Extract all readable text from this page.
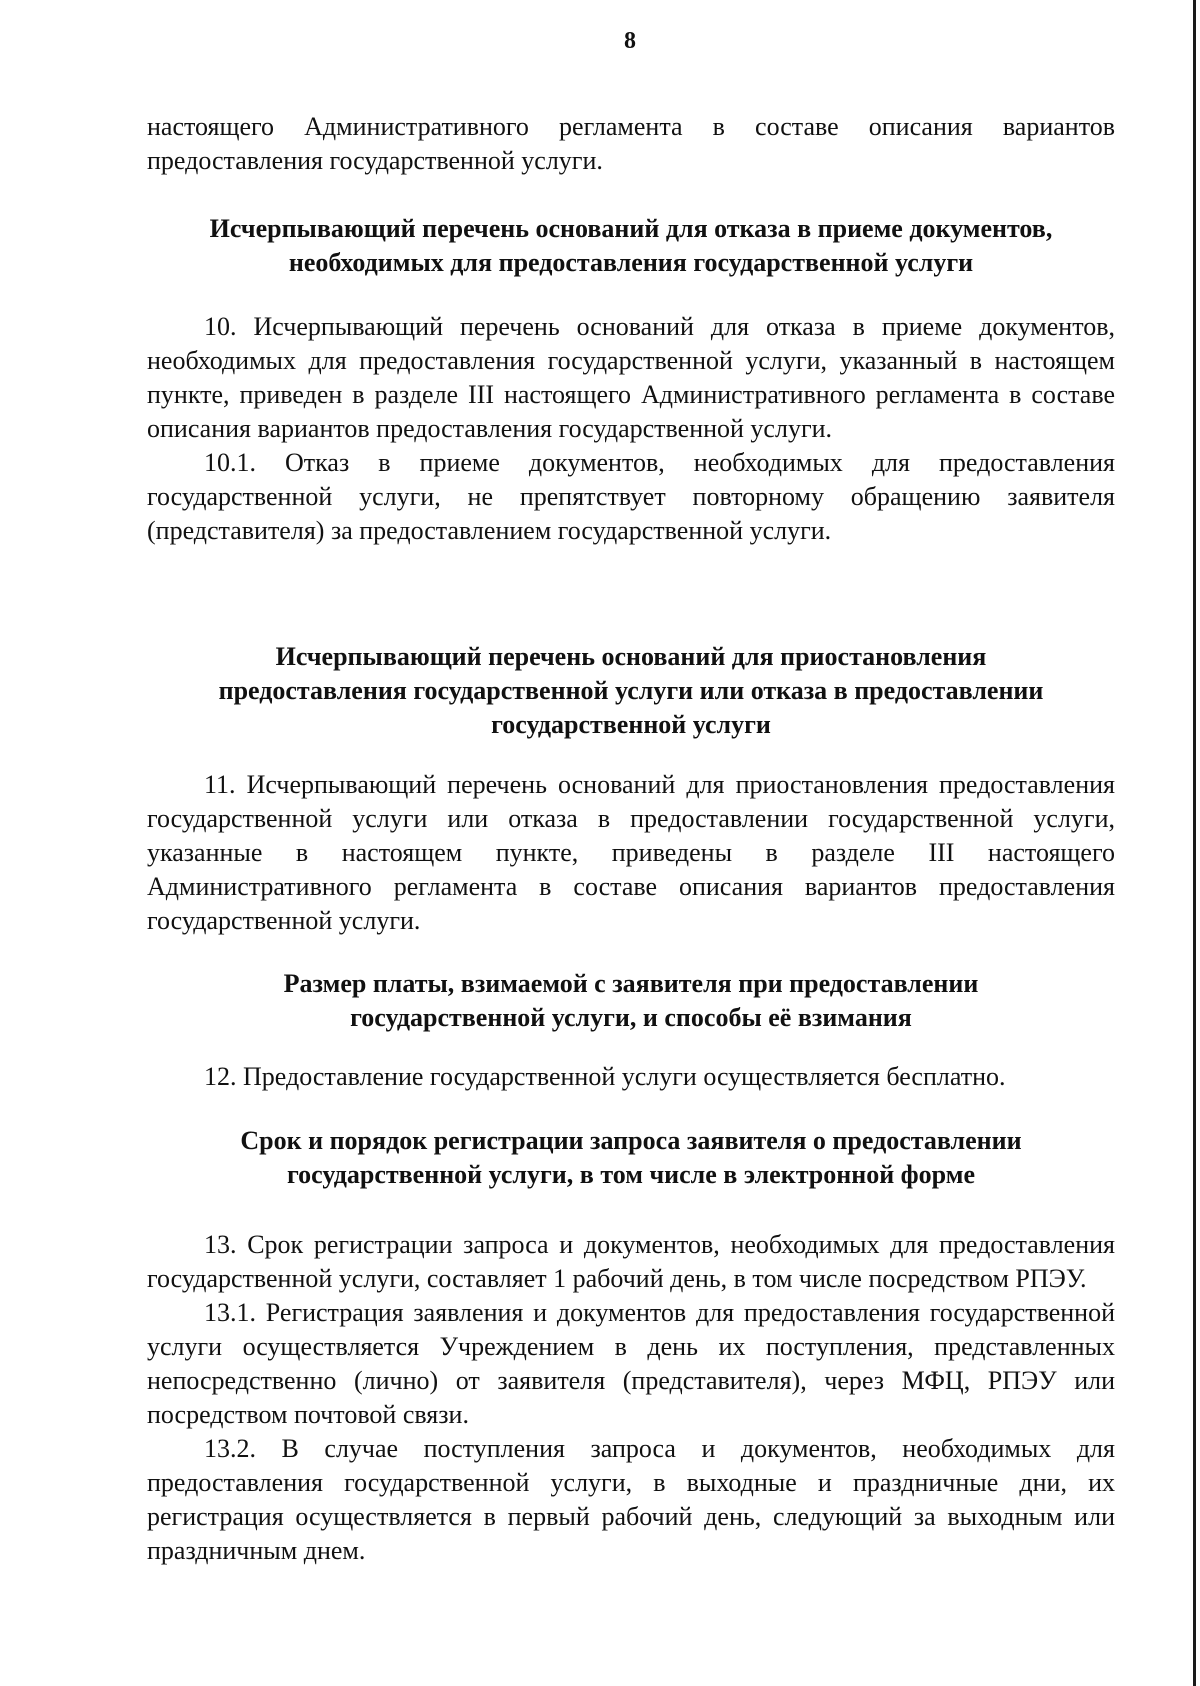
8

настоящего Административного регламента в составе описания вариантов предоставления государственной услуги.

Исчерпывающий перечень оснований для отказа в приеме документов,
необходимых для предоставления государственной услуги

10. Исчерпывающий перечень оснований для отказа в приеме документов, необходимых для предоставления государственной услуги, указанный в настоящем пункте, приведен в разделе III настоящего Административного регламента в составе описания вариантов предоставления государственной услуги.

10.1. Отказ в приеме документов, необходимых для предоставления государственной услуги, не препятствует повторному обращению заявителя (представителя) за предоставлением государственной услуги.

Исчерпывающий перечень оснований для приостановления
предоставления государственной услуги или отказа в предоставлении
государственной услуги

11. Исчерпывающий перечень оснований для приостановления предоставления государственной услуги или отказа в предоставлении государственной услуги, указанные в настоящем пункте, приведены в разделе III настоящего Административного регламента в составе описания вариантов предоставления государственной услуги.

Размер платы, взимаемой с заявителя при предоставлении
государственной услуги, и способы её взимания

12. Предоставление государственной услуги осуществляется бесплатно.

Срок и порядок регистрации запроса заявителя о предоставлении
государственной услуги, в том числе в электронной форме

13. Срок регистрации запроса и документов, необходимых для предоставления государственной услуги, составляет 1 рабочий день, в том числе посредством РПЭУ.

13.1. Регистрация заявления и документов для предоставления государственной услуги осуществляется Учреждением в день их поступления, представленных непосредственно (лично) от заявителя (представителя), через МФЦ, РПЭУ или посредством почтовой связи.

13.2. В случае поступления запроса и документов, необходимых для предоставления государственной услуги, в выходные и праздничные дни, их регистрация осуществляется в первый рабочий день, следующий за выходным или праздничным днем.
